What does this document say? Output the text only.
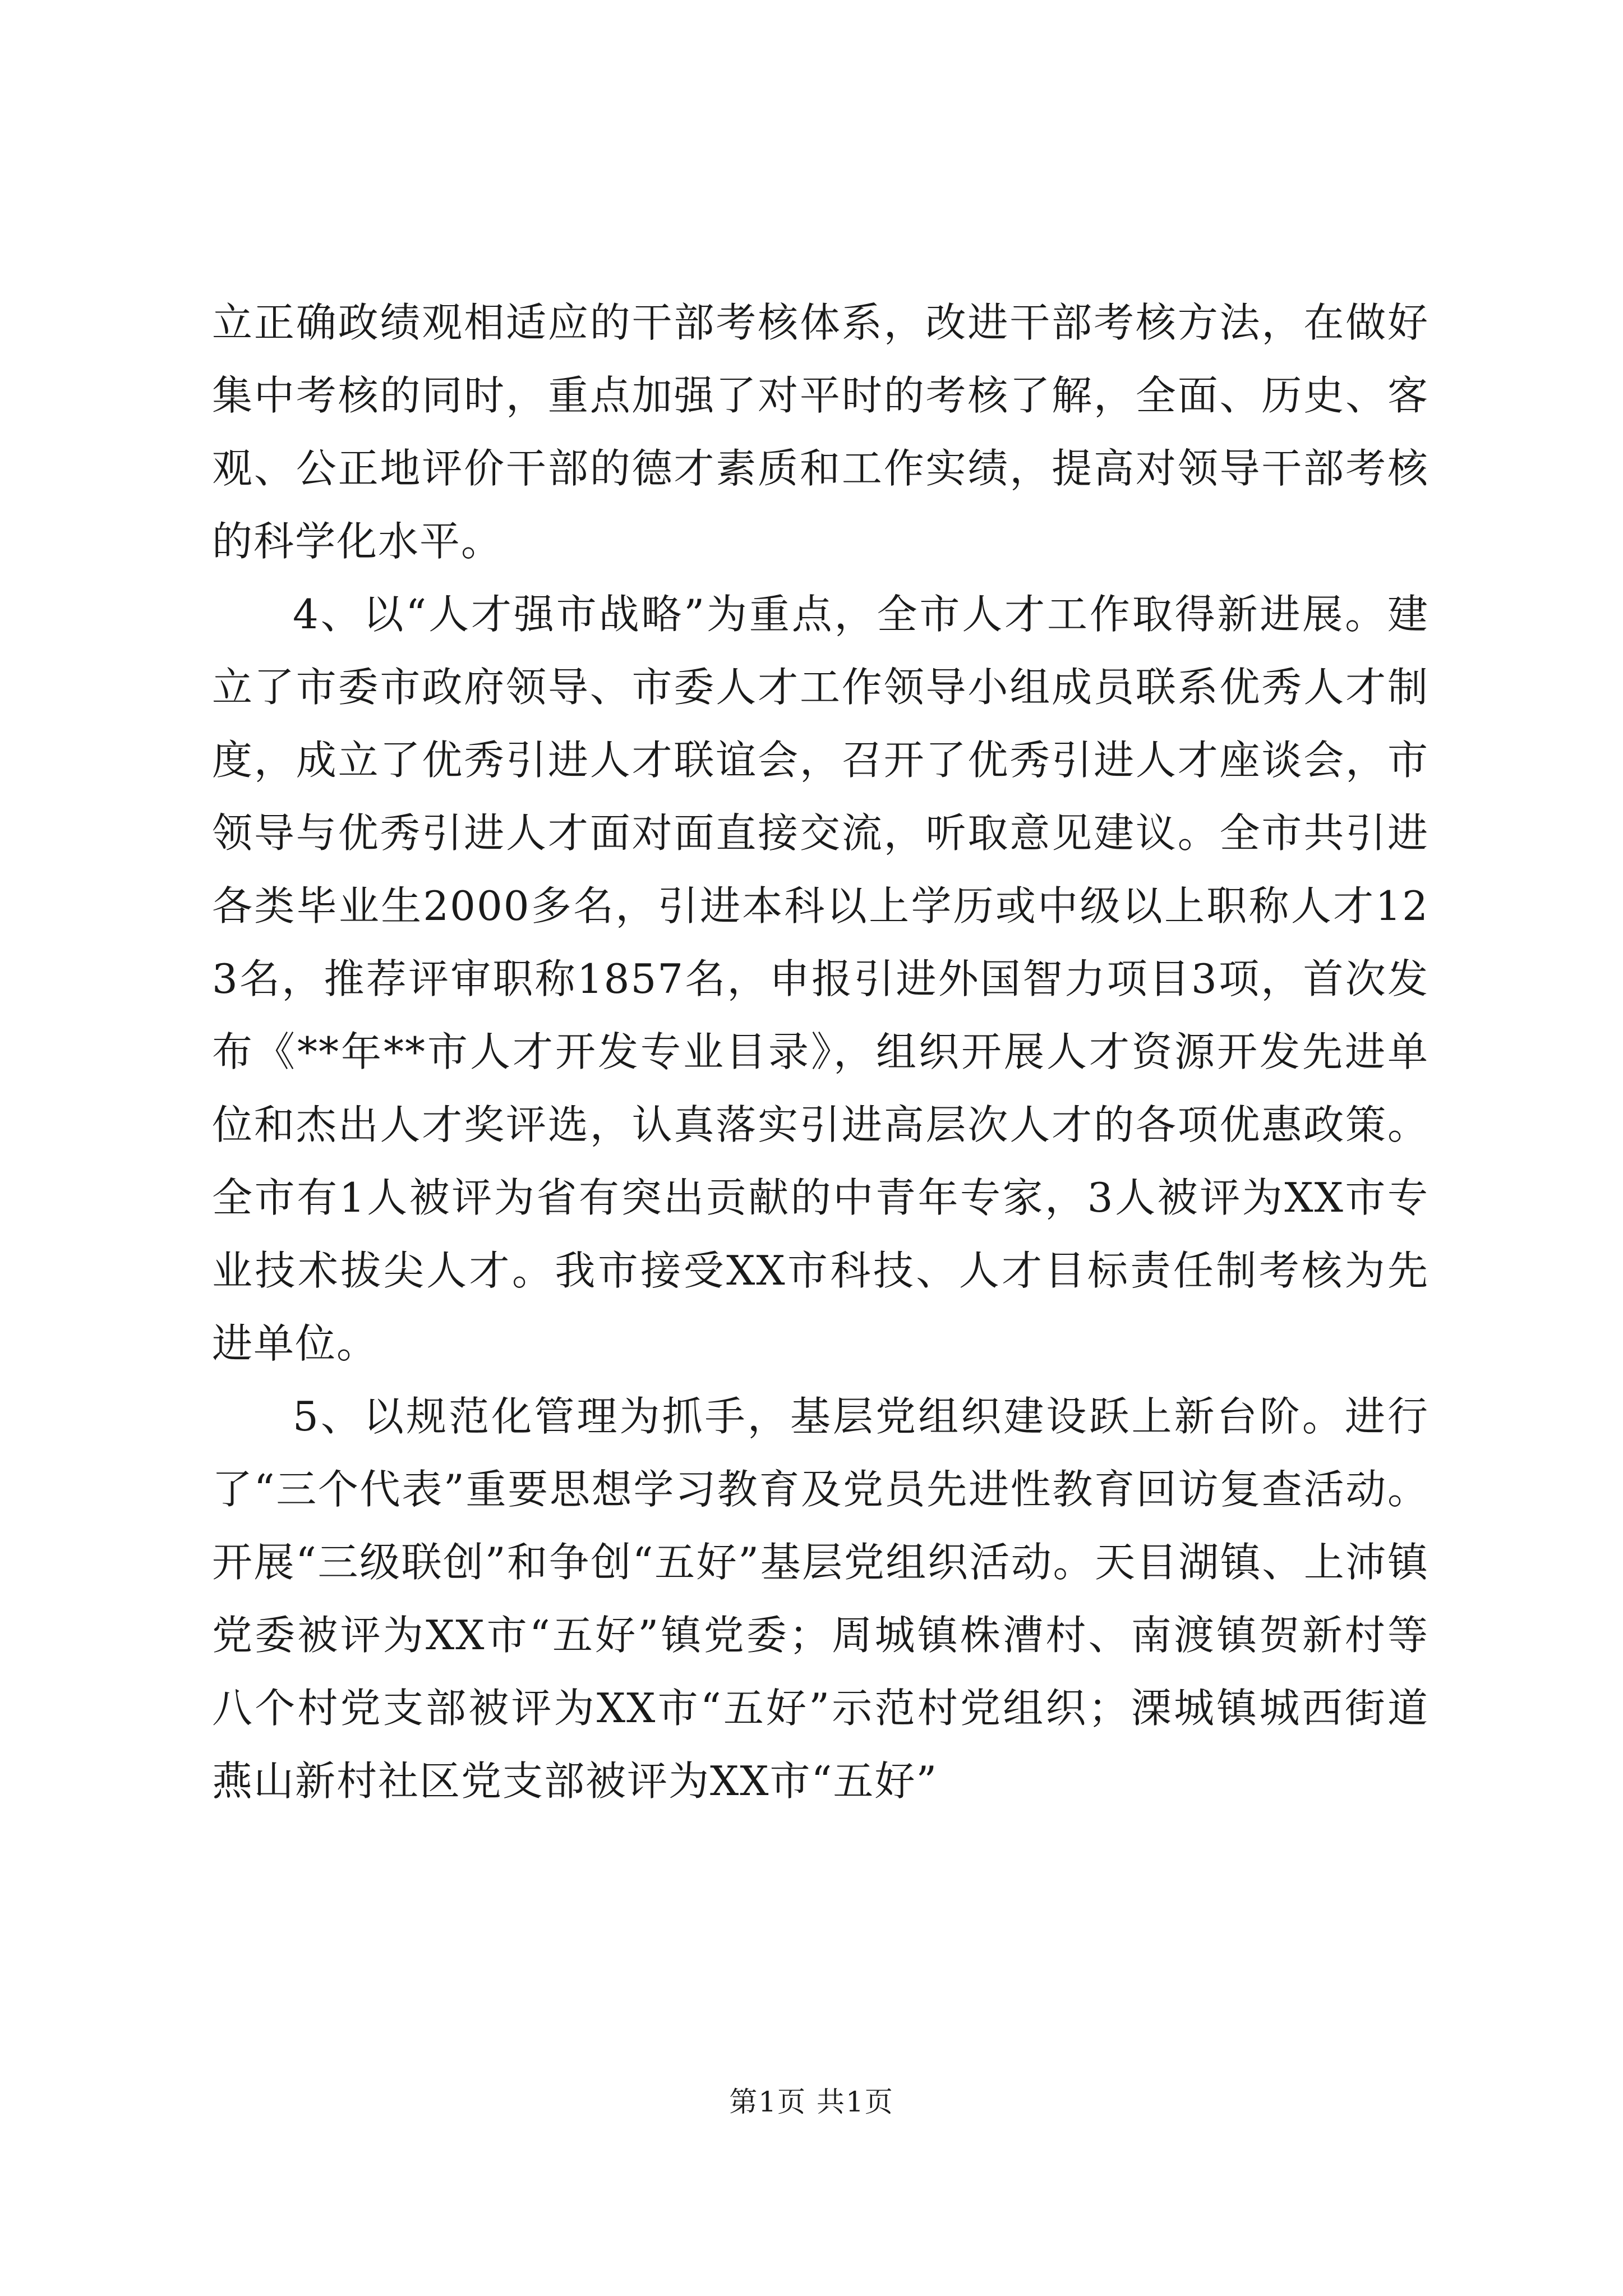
立正确政绩观相适应的干部考核体系，改进干部考核方法，在做好集中考核的同时，重点加强了对平时的考核了解，全面、历史、客观、公正地评价干部的德才素质和工作实绩，提高对领导干部考核的科学化水平。

4、以“人才强市战略”为重点，全市人才工作取得新进展。建立了市委市政府领导、市委人才工作领导小组成员联系优秀人才制度，成立了优秀引进人才联谊会，召开了优秀引进人才座谈会，市领导与优秀引进人才面对面直接交流，听取意见建议。全市共引进各类毕业生2000多名，引进本科以上学历或中级以上职称人才123名，推荐评审职称1857名，申报引进外国智力项目3项，首次发布《**年**市人才开发专业目录》，组织开展人才资源开发先进单位和杰出人才奖评选，认真落实引进高层次人才的各项优惠政策。全市有1人被评为省有突出贡献的中青年专家，3人被评为XX市专业技术拔尖人才。我市接受XX市科技、人才目标责任制考核为先进单位。

5、以规范化管理为抓手，基层党组织建设跃上新台阶。进行了“三个代表”重要思想学习教育及党员先进性教育回访复查活动。开展“三级联创”和争创“五好”基层党组织活动。天目湖镇、上沛镇党委被评为XX市“五好”镇党委；周城镇株漕村、南渡镇贺新村等八个村党支部被评为XX市“五好”示范村党组织；溧城镇城西街道燕山新村社区党支部被评为XX市“五好”

第1页 共1页
